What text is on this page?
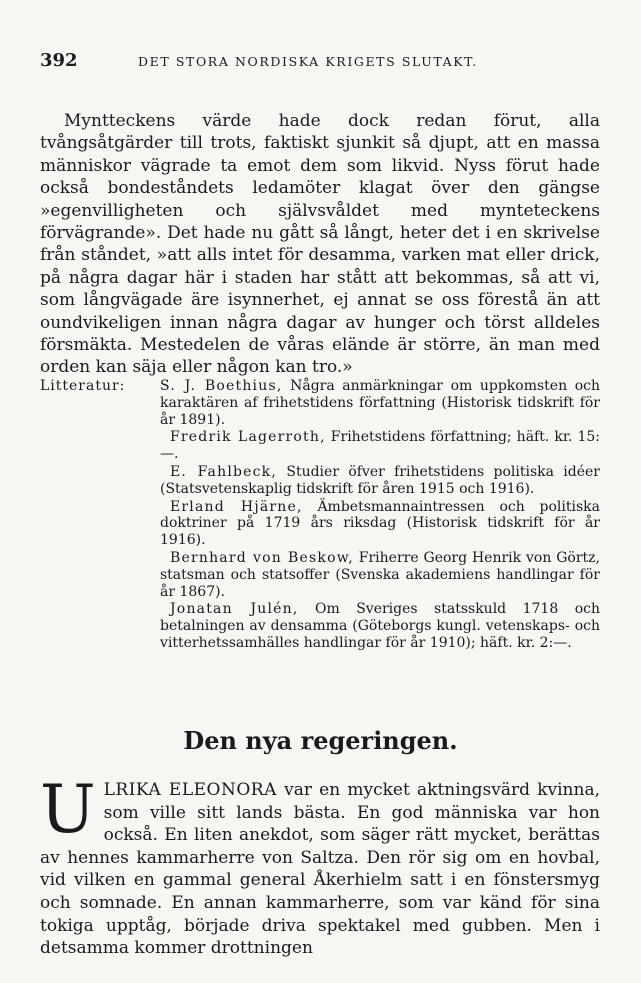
392	DET STORA NORDISKA KRIGETS SLUTAKT.

Myntteckens värde hade dock redan förut, alla tvångsåtgärder till trots, faktiskt sjunkit så djupt, att en massa människor vägrade ta emot dem som likvid. Nyss förut hade också bondeståndets ledamöter klagat över den gängse »egenvilligheten och självsvåldet med mynteteckens förvägrande». Det hade nu gått så långt, heter det i en skrivelse från ståndet, »att alls intet för desamma, varken mat eller drick, på några dagar här i staden har stått att bekommas, så att vi, som långvägade äre isynnerhet, ej annat se oss förestå än att oundvikeligen innan några dagar av hunger och törst alldeles försmäkta. Mestedelen de våras elände är större, än man med orden kan säja eller någon kan tro.»

Litteratur: S. J. Boethius, Några anmärkningar om uppkomsten och karaktären af frihetstidens författning (Historisk tidskrift för år 1891).

Fredrik Lagerroth, Frihetstidens författning; häft. kr. 15:—.

E. Fahlbeck, Studier öfver frihetstidens politiska idéer (Statsvetenskaplig tidskrift för åren 1915 och 1916).

Erland Hjärne, Ämbetsmannaintressen och politiska doktriner på 1719 års riksdag (Historisk tidskrift för år 1916).

Bernhard von Beskow, Friherre Georg Henrik von Görtz, statsman och statsoffer (Svenska akademiens handlingar för år 1867).

Jonatan Julén, Om Sveriges statsskuld 1718 och betalningen av densamma (Göteborgs kungl. vetenskaps- och vitterhetssamhälles handlingar för år 1910); häft. kr. 2:—.

Den nya regeringen.

ULRIKA ELEONORA var en mycket aktningsvärd kvinna, som ville sitt lands bästa. En god människa var hon också. En liten anekdot, som säger rätt mycket, berättas av hennes kammarherre von Saltza. Den rör sig om en hovbal, vid vilken en gammal general Åkerhielm satt i en fönstersmyg och somnade. En annan kammarherre, som var känd för sina tokiga upptåg, började driva spektakel med gubben. Men i detsamma kommer drottningen
